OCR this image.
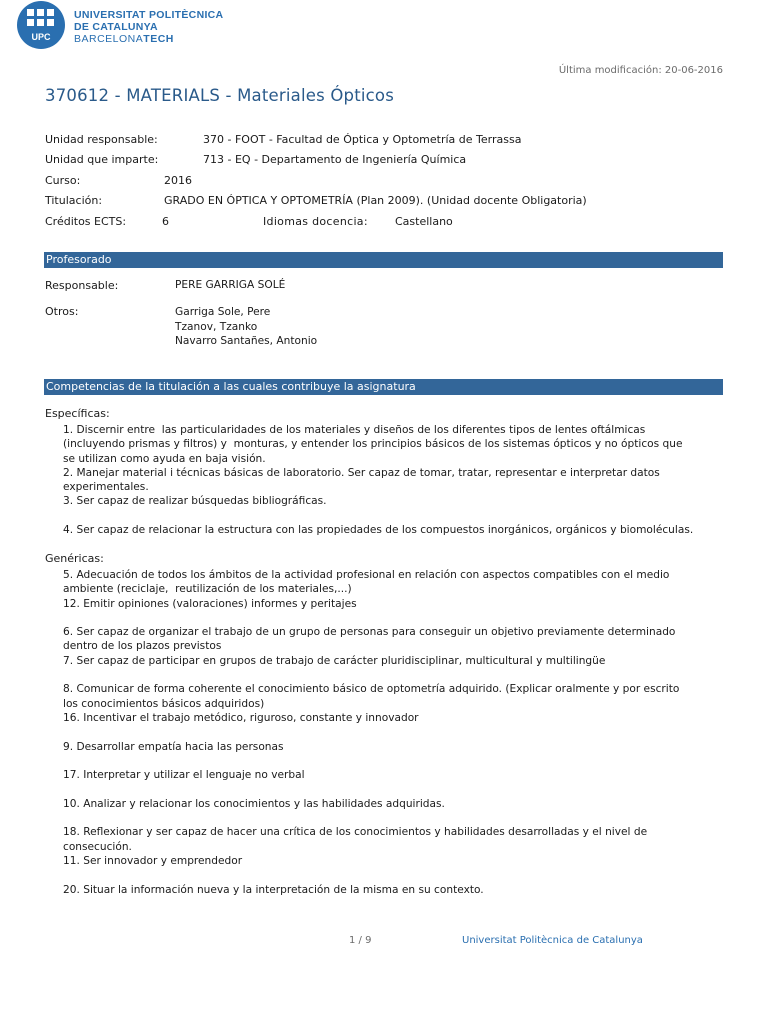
UPC
UNIVERSITAT POLITÈCNICA
DE CATALUNYA
BARCELONATECH
Última modificación: 20-06-2016
370612 - MATERIALS - Materiales Ópticos
Unidad responsable:	370 - FOOT - Facultad de Óptica y Optometría de Terrassa
Unidad que imparte:	713 - EQ - Departamento de Ingeniería Química
Curso:	2016
Titulación:	GRADO EN ÓPTICA Y OPTOMETRÍA (Plan 2009). (Unidad docente Obligatoria)
Créditos ECTS:	6	Idiomas docencia: Castellano
Profesorado
Responsable:	PERE GARRIGA SOLÉ
Otros:	Garriga Sole, Pere
Tzanov, Tzanko
Navarro Santañes, Antonio
Competencias de la titulación a las cuales contribuye la asignatura
Específicas:
1. Discernir entre  las particularidades de los materiales y diseños de los diferentes tipos de lentes oftálmicas
(incluyendo prismas y filtros) y  monturas, y entender los principios básicos de los sistemas ópticos y no ópticos que
se utilizan como ayuda en baja visión.
2. Manejar material i técnicas básicas de laboratorio. Ser capaz de tomar, tratar, representar e interpretar datos
experimentales.
3. Ser capaz de realizar búsquedas bibliográficas.
4. Ser capaz de relacionar la estructura con las propiedades de los compuestos inorgánicos, orgánicos y biomoléculas.
Genéricas:
5. Adecuación de todos los ámbitos de la actividad profesional en relación con aspectos compatibles con el medio
ambiente (reciclaje,  reutilización de los materiales,...)
12. Emitir opiniones (valoraciones) informes y peritajes
6. Ser capaz de organizar el trabajo de un grupo de personas para conseguir un objetivo previamente determinado
dentro de los plazos previstos
7. Ser capaz de participar en grupos de trabajo de carácter pluridisciplinar, multicultural y multilingüe
8. Comunicar de forma coherente el conocimiento básico de optometría adquirido. (Explicar oralmente y por escrito
los conocimientos básicos adquiridos)
16. Incentivar el trabajo metódico, riguroso, constante y innovador
9. Desarrollar empatía hacia las personas
17. Interpretar y utilizar el lenguaje no verbal
10. Analizar y relacionar los conocimientos y las habilidades adquiridas.
18. Reflexionar y ser capaz de hacer una crítica de los conocimientos y habilidades desarrolladas y el nivel de
consecución.
11. Ser innovador y emprendedor
20. Situar la información nueva y la interpretación de la misma en su contexto.
1 / 9	Universitat Politècnica de Catalunya
